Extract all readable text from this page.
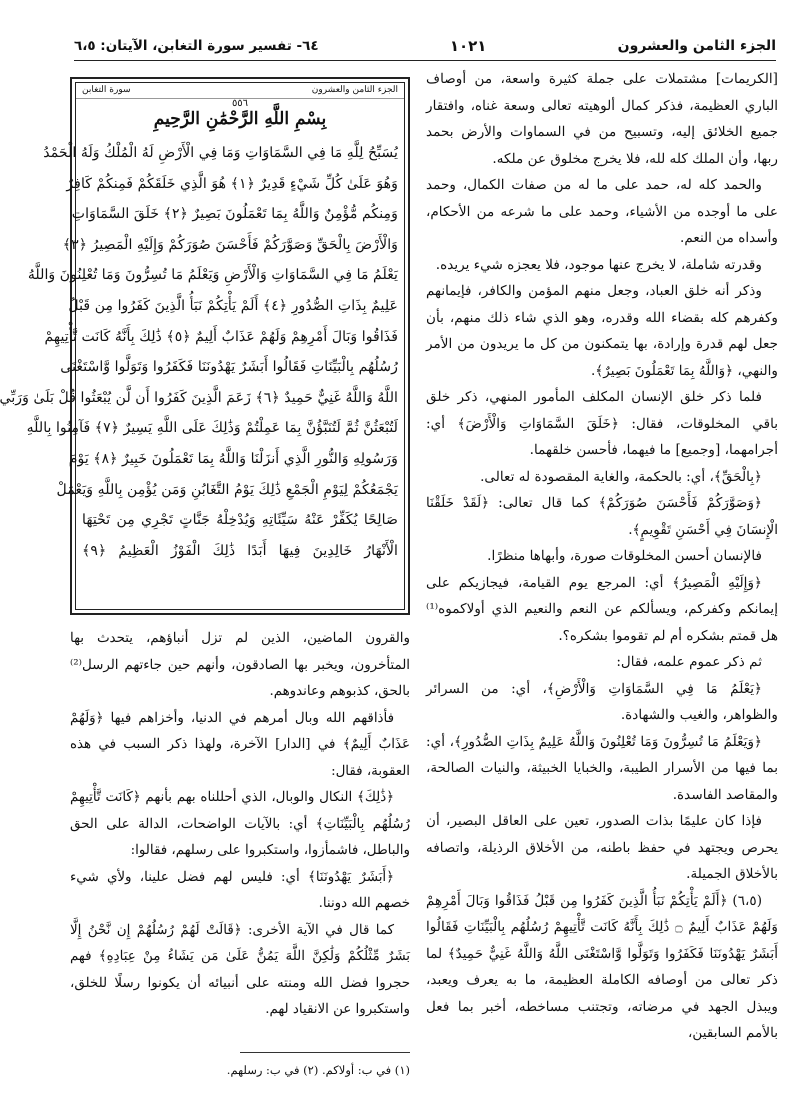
الجزء الثامن والعشرون
١٠٢١
٦٤- تفسير سورة التغابن، الآيتان: ٦،٥

[الكريمات] مشتملات على جملة كثيرة واسعة، من أوصاف الباري العظيمة، فذكر كمال ألوهيته تعالى وسعة غناه، وافتقار جميع الخلائق إليه، وتسبيح من في السماوات والأرض بحمد ربها، وأن الملك كله لله، فلا يخرج مخلوق عن ملكه.

والحمد كله له، حمد على ما له من صفات الكمال، وحمد على ما أوجده من الأشياء، وحمد على ما شرعه من الأحكام، وأسداه من النعم.

وقدرته شاملة، لا يخرج عنها موجود، فلا يعجزه شيء يريده.

وذكر أنه خلق العباد، وجعل منهم المؤمن والكافر، فإيمانهم وكفرهم كله بقضاء الله وقدره، وهو الذي شاء ذلك منهم، بأن جعل لهم قدرة وإرادة، بها يتمكنون من كل ما يريدون من الأمر والنهي، ﴿وَاللَّهُ بِمَا تَعْمَلُونَ بَصِيرٌ﴾.

فلما ذكر خلق الإنسان المكلف المأمور المنهي، ذكر خلق باقي المخلوقات، فقال: ﴿خَلَقَ السَّمَاوَاتِ وَالْأَرْضَ﴾ أي: أجرامهما، [وجميع] ما فيهما، فأحسن خلقهما.

﴿بِالْحَقِّ﴾، أي: بالحكمة، والغاية المقصودة له تعالى.

﴿وَصَوَّرَكُمْ فَأَحْسَنَ صُوَرَكُمْ﴾ كما قال تعالى: ﴿لَقَدْ خَلَقْنَا الْإِنسَانَ فِي أَحْسَنِ تَقْوِيمٍ﴾.

فالإنسان أحسن المخلوقات صورة، وأبهاها منظرًا.

﴿وَإِلَيْهِ الْمَصِيرُ﴾ أي: المرجع يوم القيامة، فيجازيكم على إيمانكم وكفركم، ويسألكم عن النعم والنعيم الذي أولاكموه⁽¹⁾ هل قمتم بشكره أم لم تقوموا بشكره؟.

ثم ذكر عموم علمه، فقال:

﴿يَعْلَمُ مَا فِي السَّمَاوَاتِ وَالْأَرْضِ﴾، أي: من السرائر والظواهر، والغيب والشهادة.

﴿وَيَعْلَمُ مَا تُسِرُّونَ وَمَا تُعْلِنُونَ وَاللَّهُ عَلِيمٌ بِذَاتِ الصُّدُورِ﴾، أي: بما فيها من الأسرار الطيبة، والخبايا الخبيثة، والنيات الصالحة، والمقاصد الفاسدة.

فإذا كان عليمًا بذات الصدور، تعين على العاقل البصير، أن يحرص ويجتهد في حفظ باطنه، من الأخلاق الرذيلة، واتصافه بالأخلاق الجميلة.

(٦،٥) ﴿أَلَمْ يَأْتِكُمْ نَبَأُ الَّذِينَ كَفَرُوا مِن قَبْلُ فَذَاقُوا وَبَالَ أَمْرِهِمْ وَلَهُمْ عَذَابٌ أَلِيمٌ ۝ ذَٰلِكَ بِأَنَّهُ كَانَت تَّأْتِيهِمْ رُسُلُهُم بِالْبَيِّنَاتِ فَقَالُوا أَبَشَرٌ يَهْدُونَنَا فَكَفَرُوا وَتَوَلَّوا وَّاسْتَغْنَى اللَّهُ وَاللَّهُ غَنِيٌّ حَمِيدٌ﴾ لما ذكر تعالى من أوصافه الكاملة العظيمة، ما به يعرف ويعبد، ويبذل الجهد في مرضاته، وتجتنب مساخطه، أخبر بما فعل بالأمم السابقين،

الجزء الثامن والعشرون
سورة التغابن
٥٥٦
بِسْمِ اللَّهِ الرَّحْمَٰنِ الرَّحِيمِ
يُسَبِّحُ لِلَّهِ مَا فِي السَّمَاوَاتِ وَمَا فِي الْأَرْضِ لَهُ الْمُلْكُ وَلَهُ الْحَمْدُ
وَهُوَ عَلَىٰ كُلِّ شَيْءٍ قَدِيرٌ ﴿١﴾ هُوَ الَّذِي خَلَقَكُمْ فَمِنكُمْ كَافِرٌ
وَمِنكُم مُّؤْمِنٌ وَاللَّهُ بِمَا تَعْمَلُونَ بَصِيرٌ ﴿٢﴾ خَلَقَ السَّمَاوَاتِ
وَالْأَرْضَ بِالْحَقِّ وَصَوَّرَكُمْ فَأَحْسَنَ صُوَرَكُمْ وَإِلَيْهِ الْمَصِيرُ ﴿٣﴾
يَعْلَمُ مَا فِي السَّمَاوَاتِ وَالْأَرْضِ وَيَعْلَمُ مَا تُسِرُّونَ وَمَا تُعْلِنُونَ وَاللَّهُ
عَلِيمٌ بِذَاتِ الصُّدُورِ ﴿٤﴾ أَلَمْ يَأْتِكُمْ نَبَأُ الَّذِينَ كَفَرُوا مِن قَبْلُ
فَذَاقُوا وَبَالَ أَمْرِهِمْ وَلَهُمْ عَذَابٌ أَلِيمٌ ﴿٥﴾ ذَٰلِكَ بِأَنَّهُ كَانَت تَّأْتِيهِمْ
رُسُلُهُم بِالْبَيِّنَاتِ فَقَالُوا أَبَشَرٌ يَهْدُونَنَا فَكَفَرُوا وَتَوَلَّوا وَّاسْتَغْنَى
اللَّهُ وَاللَّهُ غَنِيٌّ حَمِيدٌ ﴿٦﴾ زَعَمَ الَّذِينَ كَفَرُوا أَن لَّن يُبْعَثُوا قُلْ بَلَىٰ وَرَبِّي
لَتُبْعَثُنَّ ثُمَّ لَتُنَبَّؤُنَّ بِمَا عَمِلْتُمْ وَذَٰلِكَ عَلَى اللَّهِ يَسِيرٌ ﴿٧﴾ فَآمِنُوا بِاللَّهِ
وَرَسُولِهِ وَالنُّورِ الَّذِي أَنزَلْنَا وَاللَّهُ بِمَا تَعْمَلُونَ خَبِيرٌ ﴿٨﴾ يَوْمَ
يَجْمَعُكُمْ لِيَوْمِ الْجَمْعِ ذَٰلِكَ يَوْمُ التَّغَابُنِ وَمَن يُؤْمِن بِاللَّهِ وَيَعْمَلْ
صَالِحًا يُكَفِّرْ عَنْهُ سَيِّئَاتِهِ وَيُدْخِلْهُ جَنَّاتٍ تَجْرِي مِن تَحْتِهَا
الْأَنْهَارُ خَالِدِينَ فِيهَا أَبَدًا ذَٰلِكَ الْفَوْزُ الْعَظِيمُ ﴿٩﴾

والقرون الماضين، الذين لم تزل أنباؤهم، يتحدث بها المتأخرون، ويخبر بها الصادقون، وأنهم حين جاءتهم الرسل⁽²⁾ بالحق، كذبوهم وعاندوهم.

فأذاقهم الله وبال أمرهم في الدنيا، وأخزاهم فيها ﴿وَلَهُمْ عَذَابٌ أَلِيمٌ﴾ في [الدار] الآخرة، ولهذا ذكر السبب في هذه العقوبة، فقال:

﴿ذَٰلِكَ﴾ النكال والوبال، الذي أحللناه بهم بأنهم ﴿كَانَت تَّأْتِيهِمْ رُسُلُهُم بِالْبَيِّنَاتِ﴾ أي: بالآيات الواضحات، الدالة على الحق والباطل، فاشمأزوا، واستكبروا على رسلهم، فقالوا:

﴿أَبَشَرٌ يَهْدُونَنَا﴾ أي: فليس لهم فضل علينا، ولأي شيء خصهم الله دوننا.

كما قال في الآية الأخرى: ﴿قَالَتْ لَهُمْ رُسُلُهُمْ إِن نَّحْنُ إِلَّا بَشَرٌ مِّثْلُكُمْ وَلَٰكِنَّ اللَّهَ يَمُنُّ عَلَىٰ مَن يَشَاءُ مِنْ عِبَادِهِ﴾ فهم حجروا فضل الله ومنته على أنبيائه أن يكونوا رسلًا للخلق، واستكبروا عن الانقياد لهم.

(١) في ب: أولاكم. (٢) في ب: رسلهم.
